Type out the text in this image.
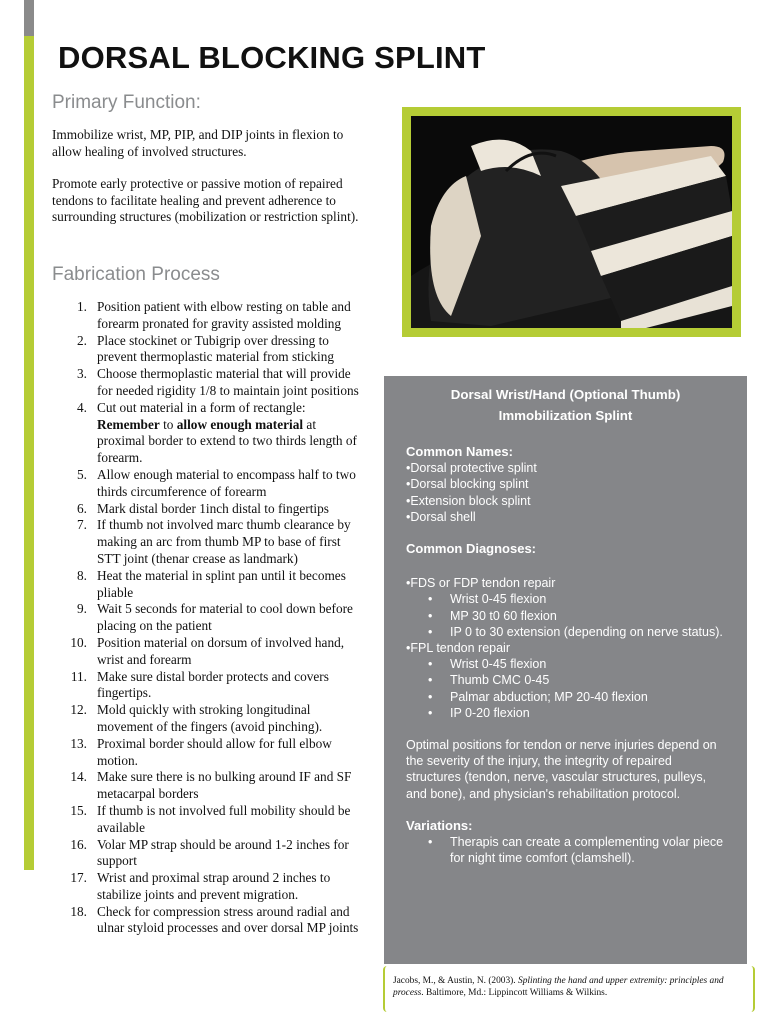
DORSAL BLOCKING SPLINT
Primary Function:

Immobilize wrist, MP, PIP, and DIP joints in flexion to allow healing of involved structures.

Promote early protective or passive motion of repaired tendons to facilitate healing and prevent adherence to surrounding structures (mobilization or restriction splint).

Fabrication Process
1. Position patient with elbow resting on table and forearm pronated for gravity assisted molding
2. Place stockinet or Tubigrip over dressing to prevent thermoplastic material from sticking
3. Choose thermoplastic material that will provide for needed rigidity 1/8 to maintain joint positions
4. Cut out material in a form of rectangle:
Remember to allow enough material at proximal border to extend to two thirds length of forearm.
5. Allow enough material to encompass half to two thirds circumference of forearm
6. Mark distal border 1inch distal to fingertips
7. If thumb not involved marc thumb clearance by making an arc from thumb MP to base of first STT joint (thenar crease as landmark)
8. Heat the material in splint pan until it becomes pliable
9. Wait 5 seconds for material to cool down before placing on the patient
10. Position material on dorsum of involved hand, wrist and forearm
11. Make sure distal border protects and covers fingertips.
12. Mold quickly with stroking longitudinal movement of the fingers (avoid pinching).
13. Proximal border should allow for full elbow motion.
14. Make sure there is no bulking around IF and SF metacarpal borders
15. If thumb is not involved full mobility should be available
16. Volar MP strap should be around 1-2 inches for support
17. Wrist and proximal strap around 2 inches to stabilize joints and prevent migration.
18. Check for compression stress around radial and ulnar styloid processes and over dorsal MP joints

Dorsal Wrist/Hand (Optional Thumb)
Immobilization Splint

Common Names:

• Dorsal protective splint
• Dorsal blocking splint
• Extension block splint
• Dorsal shell

Common Diagnoses:

• FDS or FDP tendon repair
• Wrist 0-45 flexion
• MP 30 t0 60 flexion
• IP 0 to 30 extension (depending on nerve status).
• FPL tendon repair
• Wrist 0-45 flexion
• Thumb CMC 0-45
• Palmar abduction; MP 20-40 flexion
• IP 0-20 flexion

Optimal positions for tendon or nerve injuries depend on the severity of the injury, the integrity of repaired structures (tendon, nerve, vascular structures, pulleys, and bone), and physician's rehabilitation protocol.

Variations:

• Therapis can create a complementing volar piece for night time comfort (clamshell).
Jacobs, M., & Austin, N. (2003). Splinting the hand and upper extremity: principles and process. Baltimore, Md.: Lippincott Williams & Wilkins.
